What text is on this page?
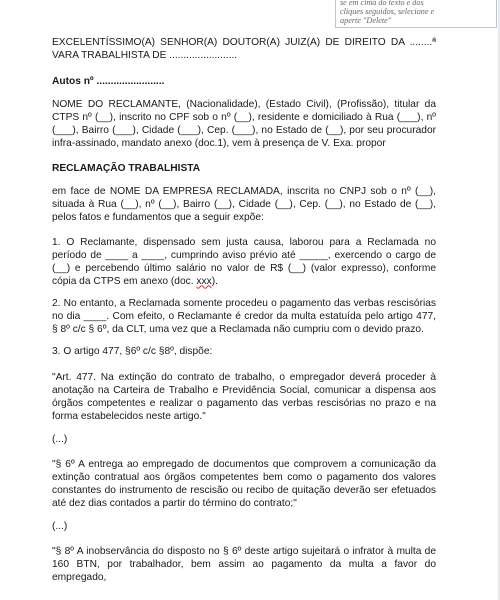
se em cima do texto e dos
cliques seguidos, selecione e
aperte "Delete"

EXCELENTÍSSIMO(A) SENHOR(A) DOUTOR(A) JUIZ(A) DE DIREITO DA ........ª VARA TRABALHISTA DE ........................

Autos nº ........................

NOME DO RECLAMANTE, (Nacionalidade), (Estado Civil), (Profissão), titular da CTPS nº (__), inscrito no CPF sob o nº (__), residente e domiciliado à Rua (___), nº (___), Bairro (___), Cidade (___), Cep. (___), no Estado de (__), por seu procurador infra-assinado, mandato anexo (doc.1), vem à presença de V. Exa. propor

RECLAMAÇÃO TRABALHISTA

em face de NOME DA EMPRESA RECLAMADA, inscrita no CNPJ sob o nº (__), situada à Rua (__), nº (__), Bairro (__), Cidade (__), Cep. (__), no Estado de (__), pelos fatos e fundamentos que a seguir expõe:

1. O Reclamante, dispensado sem justa causa, laborou para a Reclamada no período de ____ a ____, cumprindo aviso prévio até _____, exercendo o cargo de (__) e percebendo último salário no valor de R$ (__) (valor expresso), conforme cópia da CTPS em anexo (doc. xxx).

2. No entanto, a Reclamada somente procedeu o pagamento das verbas rescisórias no dia ____. Com efeito, o Reclamante é credor da multa estatuída pelo artigo 477, § 8º c/c § 6º, da CLT, uma vez que a Reclamada não cumpriu com o devido prazo.

3. O artigo 477, §6º c/c §8º, dispõe:

"Art. 477. Na extinção do contrato de trabalho, o empregador deverá proceder à anotação na Carteira de Trabalho e Previdência Social, comunicar a dispensa aos órgãos competentes e realizar o pagamento das verbas rescisórias no prazo e na forma estabelecidos neste artigo."

(...)

"§ 6º A entrega ao empregado de documentos que comprovem a comunicação da extinção contratual aos órgãos competentes bem como o pagamento dos valores constantes do instrumento de rescisão ou recibo de quitação deverão ser efetuados até dez dias contados a partir do término do contrato;"

(...)

"§ 8º A inobservância do disposto no § 6º deste artigo sujeitará o infrator à multa de 160 BTN, por trabalhador, bem assim ao pagamento da multa a favor do empregado,
